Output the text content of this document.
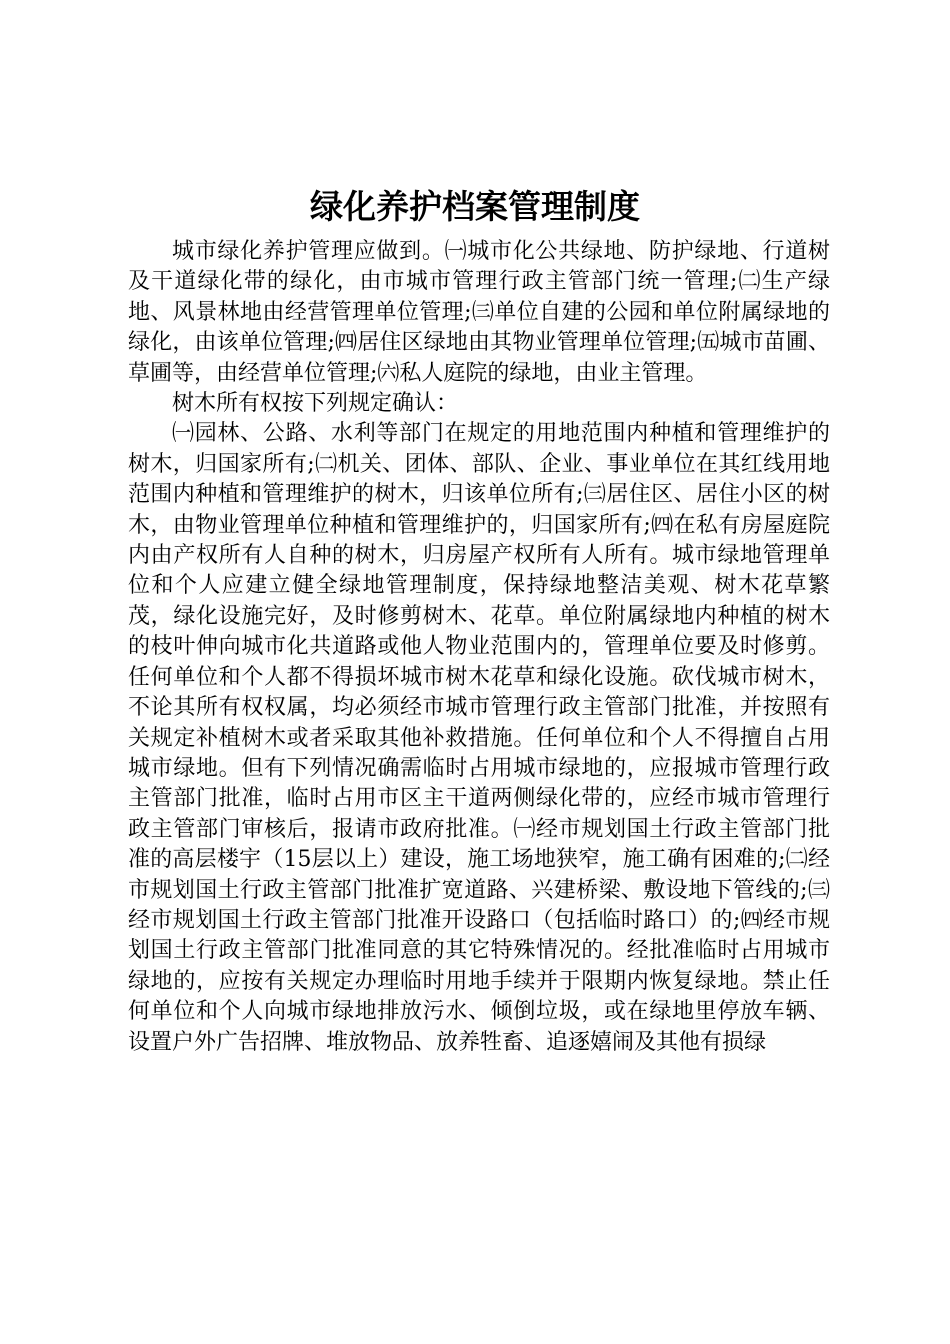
绿化养护档案管理制度

城市绿化养护管理应做到。㈠城市化公共绿地、防护绿地、行道树及干道绿化带的绿化，由市城市管理行政主管部门统一管理;㈡生产绿地、风景林地由经营管理单位管理;㈢单位自建的公园和单位附属绿地的绿化，由该单位管理;㈣居住区绿地由其物业管理单位管理;㈤城市苗圃、草圃等，由经营单位管理;㈥私人庭院的绿地，由业主管理。

树木所有权按下列规定确认：

㈠园林、公路、水利等部门在规定的用地范围内种植和管理维护的树木，归国家所有;㈡机关、团体、部队、企业、事业单位在其红线用地范围内种植和管理维护的树木，归该单位所有;㈢居住区、居住小区的树木，由物业管理单位种植和管理维护的，归国家所有;㈣在私有房屋庭院内由产权所有人自种的树木，归房屋产权所有人所有。城市绿地管理单位和个人应建立健全绿地管理制度，保持绿地整洁美观、树木花草繁茂，绿化设施完好，及时修剪树木、花草。单位附属绿地内种植的树木的枝叶伸向城市化共道路或他人物业范围内的，管理单位要及时修剪。任何单位和个人都不得损坏城市树木花草和绿化设施。砍伐城市树木，不论其所有权权属，均必须经市城市管理行政主管部门批准，并按照有关规定补植树木或者采取其他补救措施。任何单位和个人不得擅自占用城市绿地。但有下列情况确需临时占用城市绿地的，应报城市管理行政主管部门批准，临时占用市区主干道两侧绿化带的，应经市城市管理行政主管部门审核后，报请市政府批准。㈠经市规划国土行政主管部门批准的高层楼宇（15层以上）建设，施工场地狭窄，施工确有困难的;㈡经市规划国土行政主管部门批准扩宽道路、兴建桥梁、敷设地下管线的;㈢经市规划国土行政主管部门批准开设路口（包括临时路口）的;㈣经市规划国土行政主管部门批准同意的其它特殊情况的。经批准临时占用城市绿地的，应按有关规定办理临时用地手续并于限期内恢复绿地。禁止任何单位和个人向城市绿地排放污水、倾倒垃圾，或在绿地里停放车辆、设置户外广告招牌、堆放物品、放养牲畜、追逐嬉闹及其他有损绿
